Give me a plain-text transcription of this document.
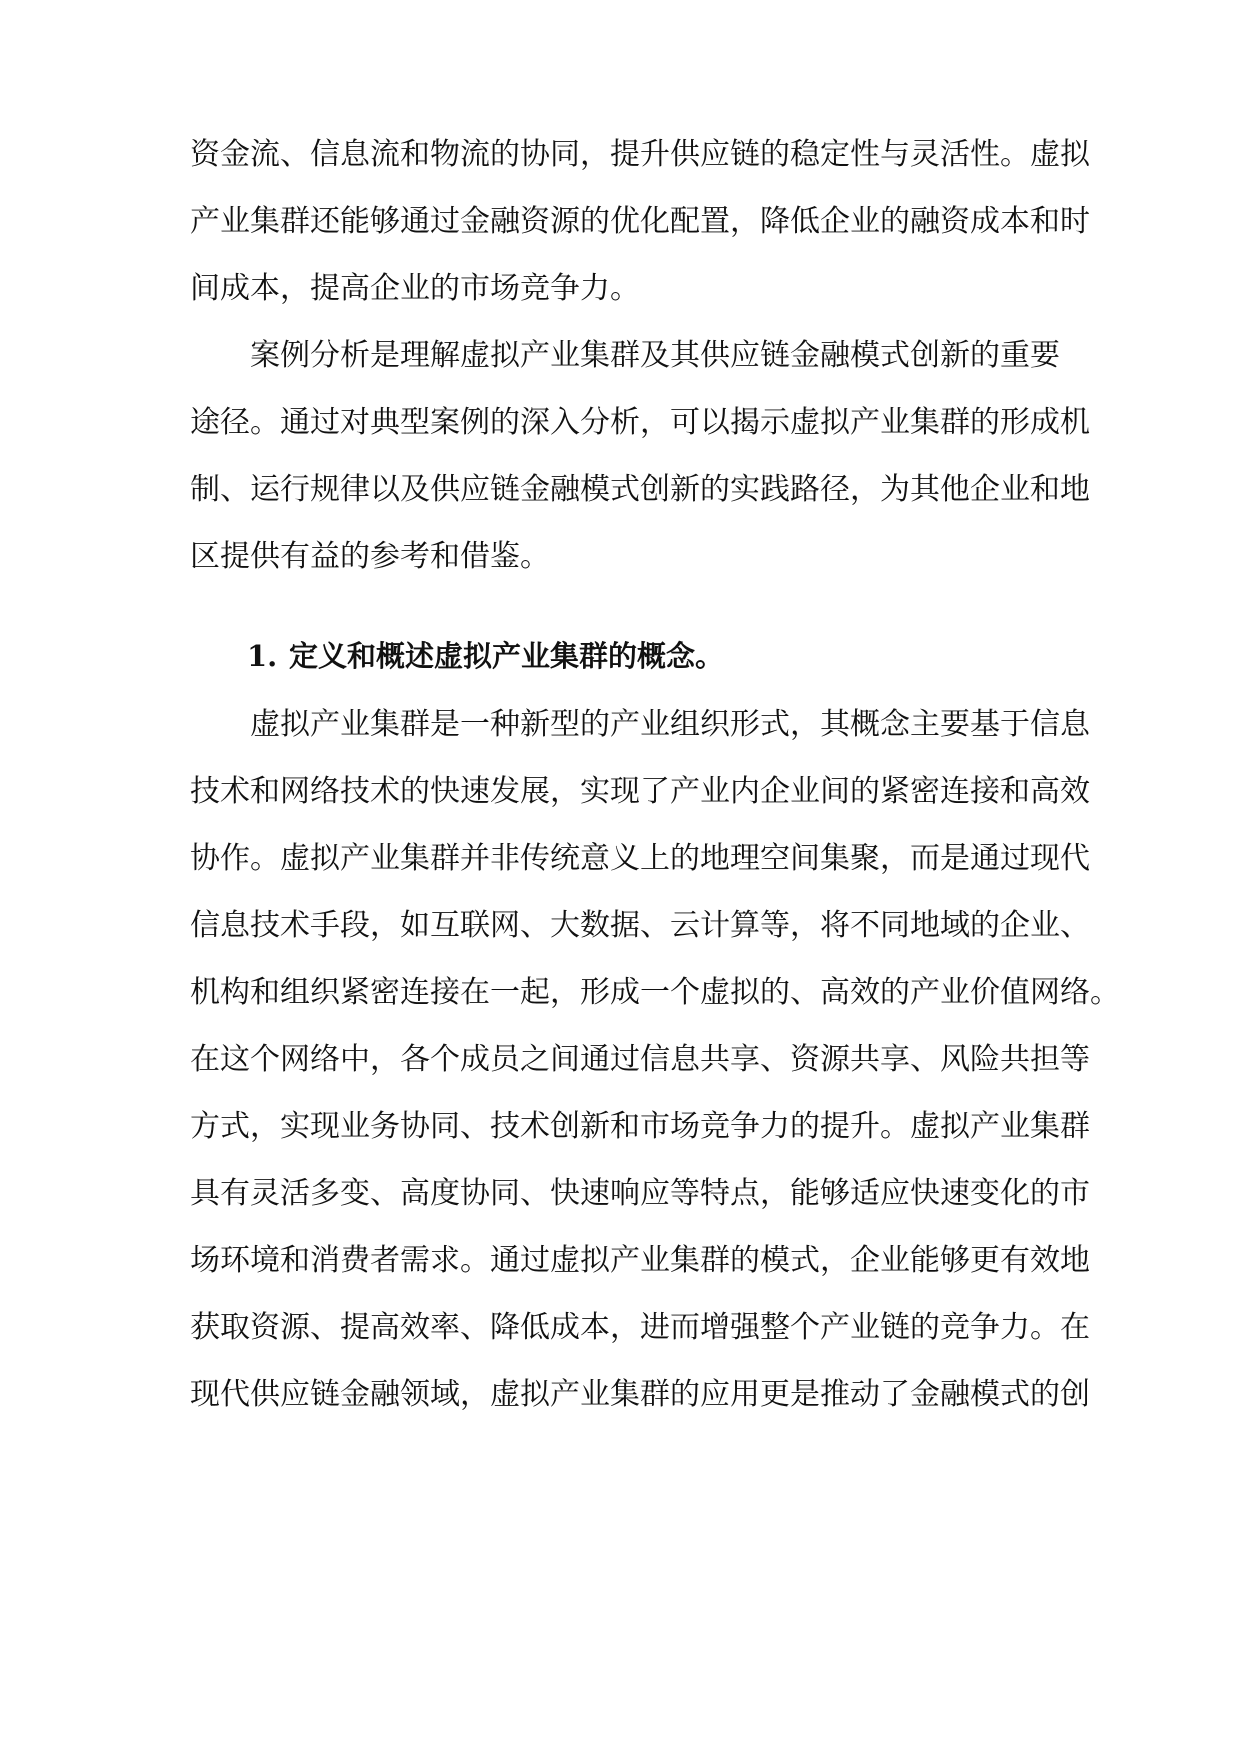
资金流、信息流和物流的协同，提升供应链的稳定性与灵活性。虚拟
产业集群还能够通过金融资源的优化配置，降低企业的融资成本和时
间成本，提高企业的市场竞争力。
案例分析是理解虚拟产业集群及其供应链金融模式创新的重要
途径。通过对典型案例的深入分析，可以揭示虚拟产业集群的形成机
制、运行规律以及供应链金融模式创新的实践路径，为其他企业和地
区提供有益的参考和借鉴。
1. 定义和概述虚拟产业集群的概念。
虚拟产业集群是一种新型的产业组织形式，其概念主要基于信息
技术和网络技术的快速发展，实现了产业内企业间的紧密连接和高效
协作。虚拟产业集群并非传统意义上的地理空间集聚，而是通过现代
信息技术手段，如互联网、大数据、云计算等，将不同地域的企业、
机构和组织紧密连接在一起，形成一个虚拟的、高效的产业价值网络。
在这个网络中，各个成员之间通过信息共享、资源共享、风险共担等
方式，实现业务协同、技术创新和市场竞争力的提升。虚拟产业集群
具有灵活多变、高度协同、快速响应等特点，能够适应快速变化的市
场环境和消费者需求。通过虚拟产业集群的模式，企业能够更有效地
获取资源、提高效率、降低成本，进而增强整个产业链的竞争力。在
现代供应链金融领域，虚拟产业集群的应用更是推动了金融模式的创
